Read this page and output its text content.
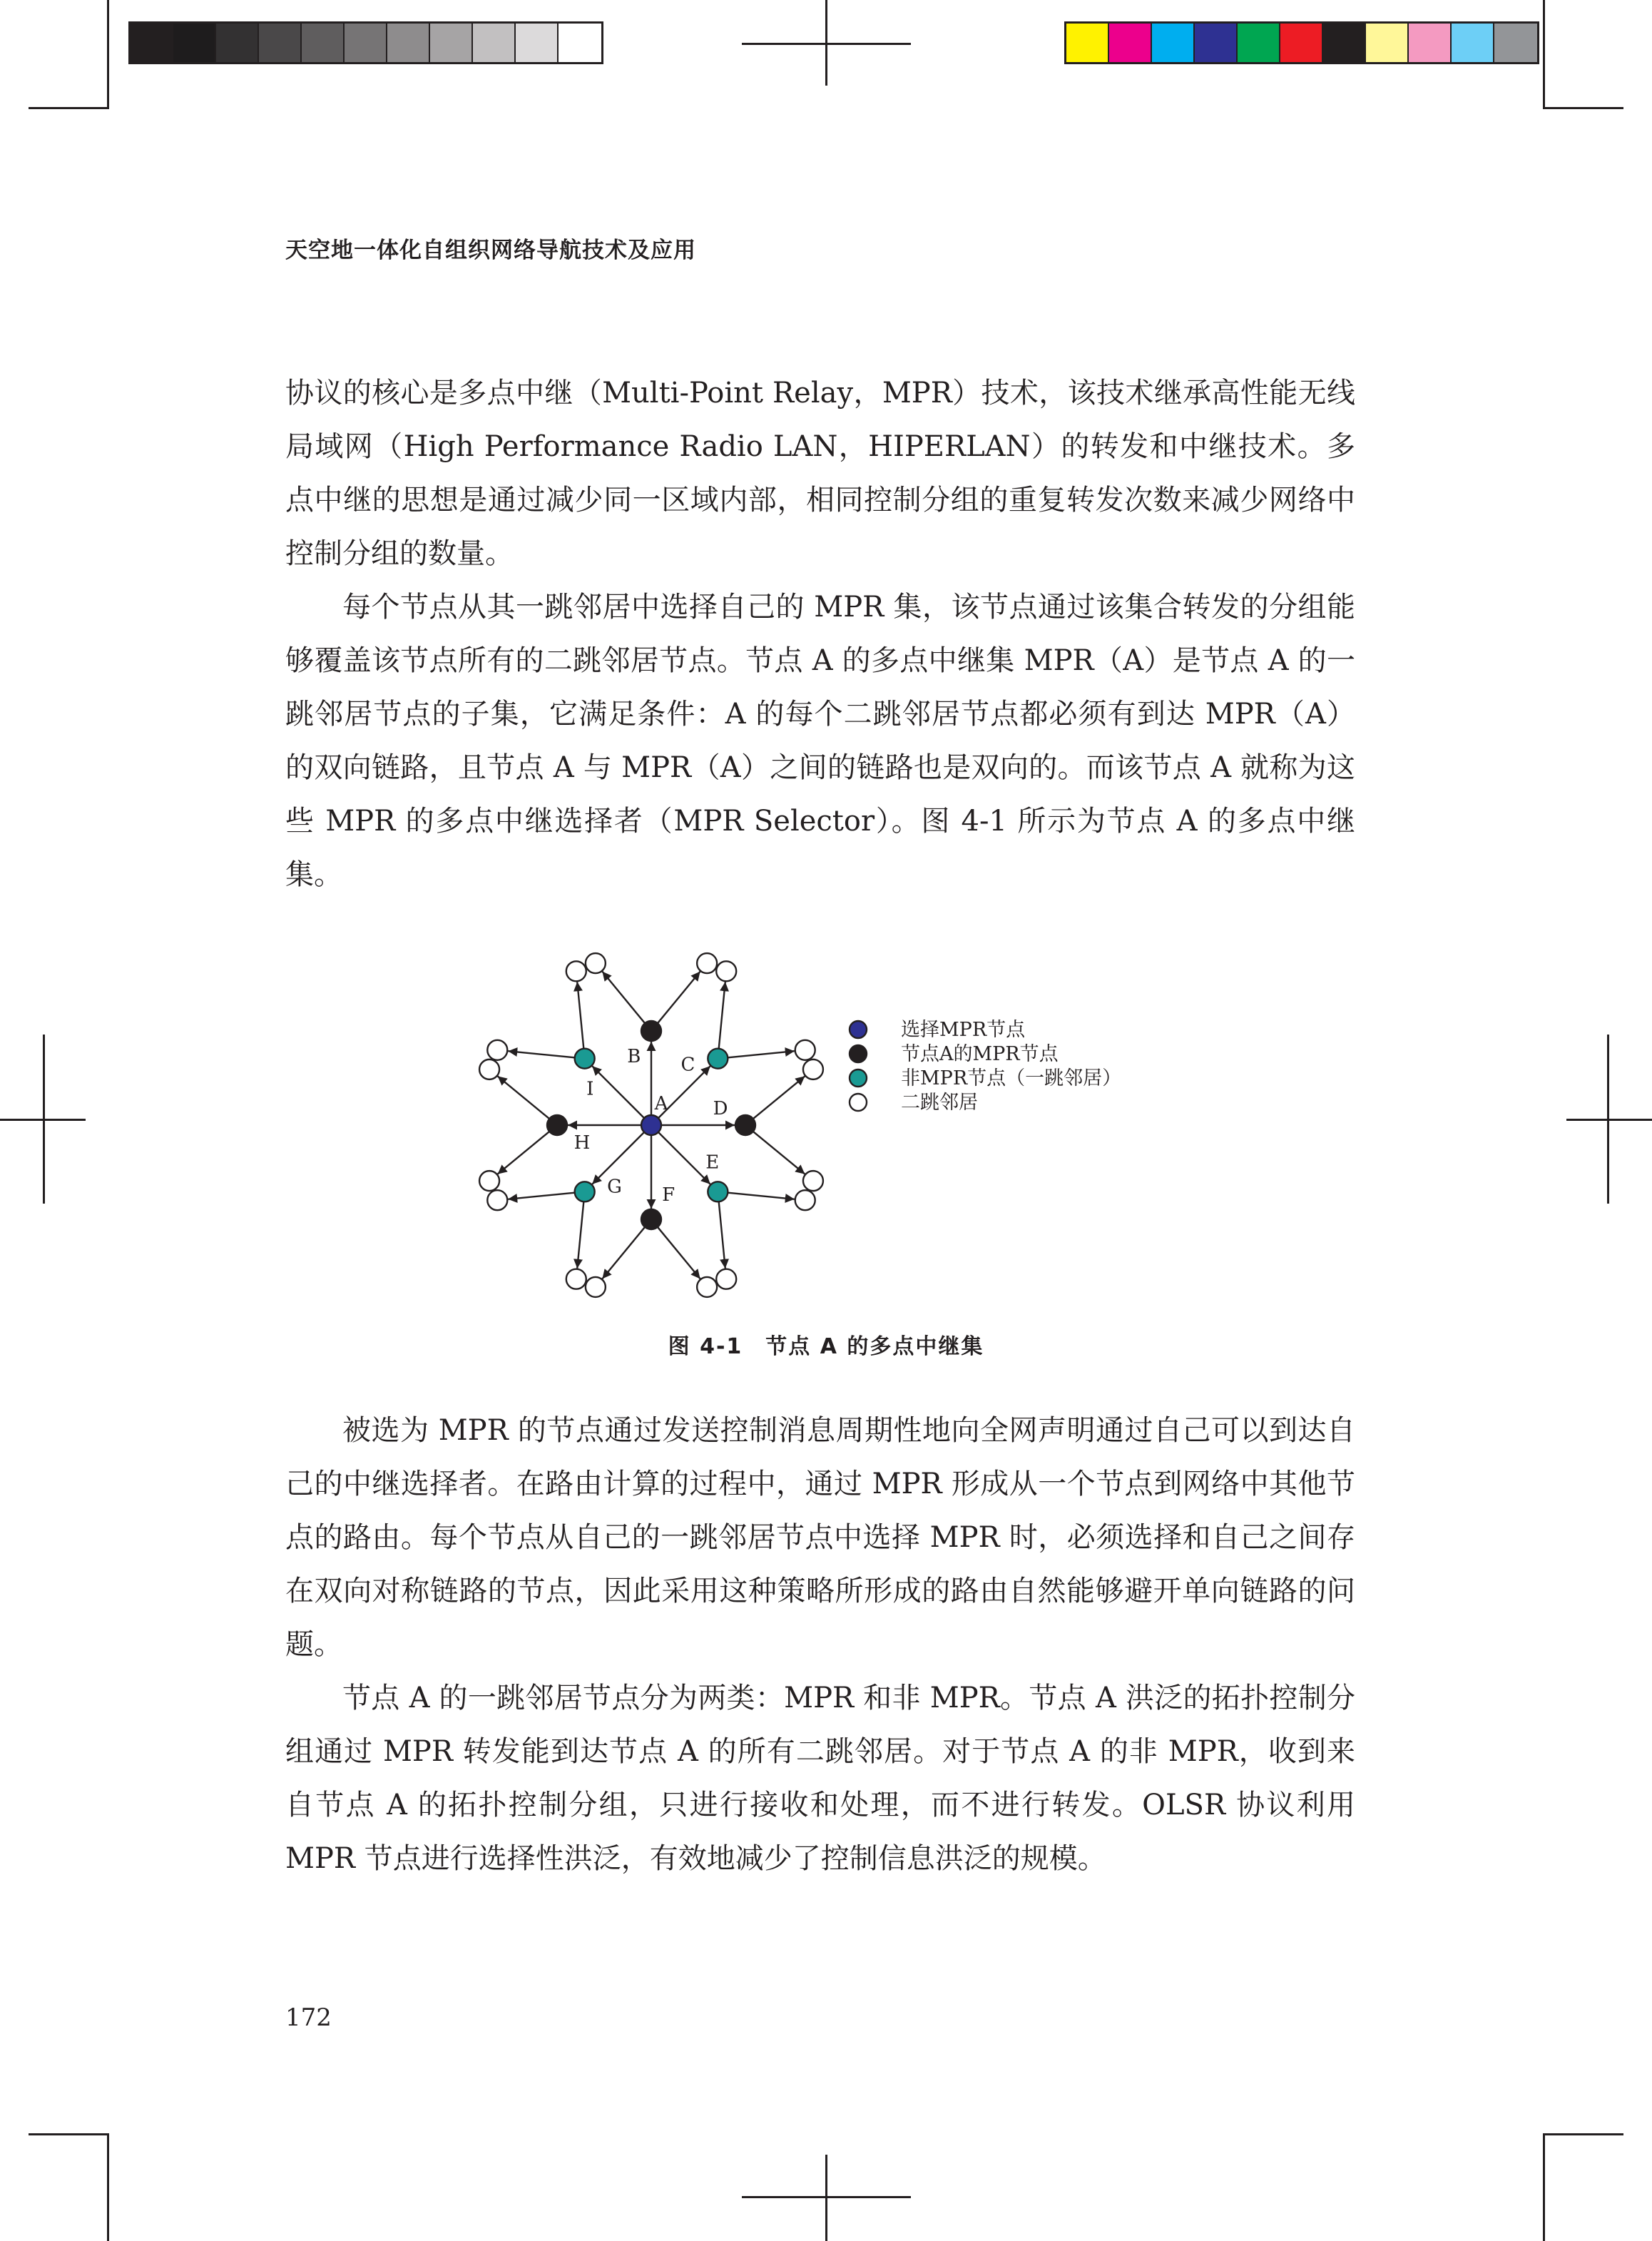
天空地一体化自组织网络导航技术及应用

协议的核心是多点中继（Multi-Point Relay，MPR）技术，该技术继承高性能无线局域网（High Performance Radio LAN，HIPERLAN）的转发和中继技术。多点中继的思想是通过减少同一区域内部，相同控制分组的重复转发次数来减少网络中控制分组的数量。

每个节点从其一跳邻居中选择自己的 MPR 集，该节点通过该集合转发的分组能够覆盖该节点所有的二跳邻居节点。节点 A 的多点中继集 MPR（A）是节点 A 的一跳邻居节点的子集，它满足条件：A 的每个二跳邻居节点都必须有到达 MPR（A）的双向链路，且节点 A 与 MPR（A）之间的链路也是双向的。而该节点 A 就称为这些 MPR 的多点中继选择者（MPR Selector）。图 4-1 所示为节点 A 的多点中继集。

B C
D
E
F
G
H
I
A
选择MPR节点
节点A的MPR节点
非MPR节点（一跳邻居）
二跳邻居
图 4-1　节点 A 的多点中继集

被选为 MPR 的节点通过发送控制消息周期性地向全网声明通过自己可以到达自己的中继选择者。在路由计算的过程中，通过 MPR 形成从一个节点到网络中其他节点的路由。每个节点从自己的一跳邻居节点中选择 MPR 时，必须选择和自己之间存在双向对称链路的节点，因此采用这种策略所形成的路由自然能够避开单向链路的问题。

节点 A 的一跳邻居节点分为两类：MPR 和非 MPR。节点 A 洪泛的拓扑控制分组通过 MPR 转发能到达节点 A 的所有二跳邻居。对于节点 A 的非 MPR，收到来自节点 A 的拓扑控制分组，只进行接收和处理，而不进行转发。OLSR 协议利用 MPR 节点进行选择性洪泛，有效地减少了控制信息洪泛的规模。

172
